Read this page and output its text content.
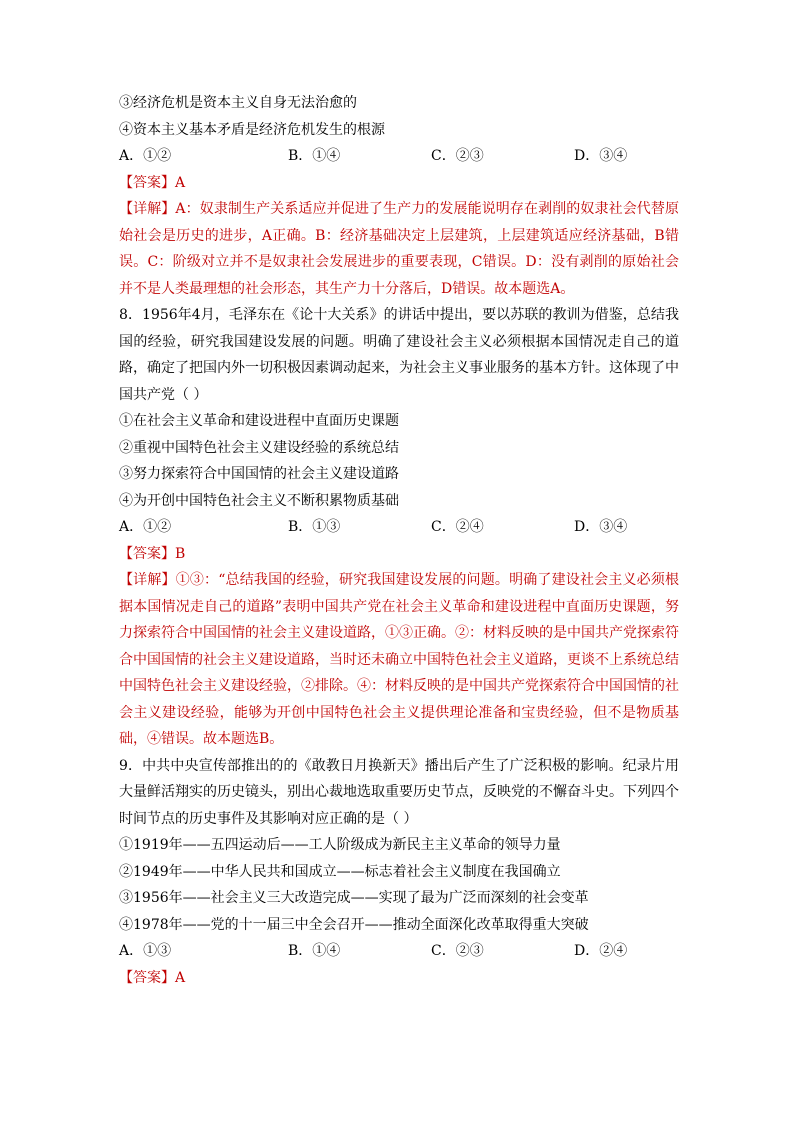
③经济危机是资本主义自身无法治愈的
④资本主义基本矛盾是经济危机发生的根源
A．①②	B．①④	C．②③	D．③④
【答案】A
【详解】A：奴隶制生产关系适应并促进了生产力的发展能说明存在剥削的奴隶社会代替原始社会是历史的进步，A正确。B：经济基础决定上层建筑，上层建筑适应经济基础，B错误。C：阶级对立并不是奴隶社会发展进步的重要表现，C错误。D：没有剥削的原始社会并不是人类最理想的社会形态，其生产力十分落后，D错误。故本题选A。
8．1956年4月，毛泽东在《论十大关系》的讲话中提出，要以苏联的教训为借鉴，总结我国的经验，研究我国建设发展的问题。明确了建设社会主义必须根据本国情况走自己的道路，确定了把国内外一切积极因素调动起来，为社会主义事业服务的基本方针。这体现了中国共产党（ ）
①在社会主义革命和建设进程中直面历史课题
②重视中国特色社会主义建设经验的系统总结
③努力探索符合中国国情的社会主义建设道路
④为开创中国特色社会主义不断积累物质基础
A．①②	B．①③	C．②④	D．③④
【答案】B
【详解】①③：“总结我国的经验，研究我国建设发展的问题。明确了建设社会主义必须根据本国情况走自己的道路”表明中国共产党在社会主义革命和建设进程中直面历史课题，努力探索符合中国国情的社会主义建设道路，①③正确。②：材料反映的是中国共产党探索符合中国国情的社会主义建设道路，当时还未确立中国特色社会主义道路，更谈不上系统总结中国特色社会主义建设经验，②排除。④：材料反映的是中国共产党探索符合中国国情的社会主义建设经验，能够为开创中国特色社会主义提供理论准备和宝贵经验，但不是物质基础，④错误。故本题选B。
9．中共中央宣传部推出的的《敢教日月换新天》播出后产生了广泛积极的影响。纪录片用大量鲜活翔实的历史镜头，别出心裁地选取重要历史节点，反映党的不懈奋斗史。下列四个时间节点的历史事件及其影响对应正确的是（ ）
①1919年——五四运动后——工人阶级成为新民主主义革命的领导力量
②1949年——中华人民共和国成立——标志着社会主义制度在我国确立
③1956年——社会主义三大改造完成——实现了最为广泛而深刻的社会变革
④1978年——党的十一届三中全会召开——推动全面深化改革取得重大突破
A．①③	B．①④	C．②③	D．②④
【答案】A
